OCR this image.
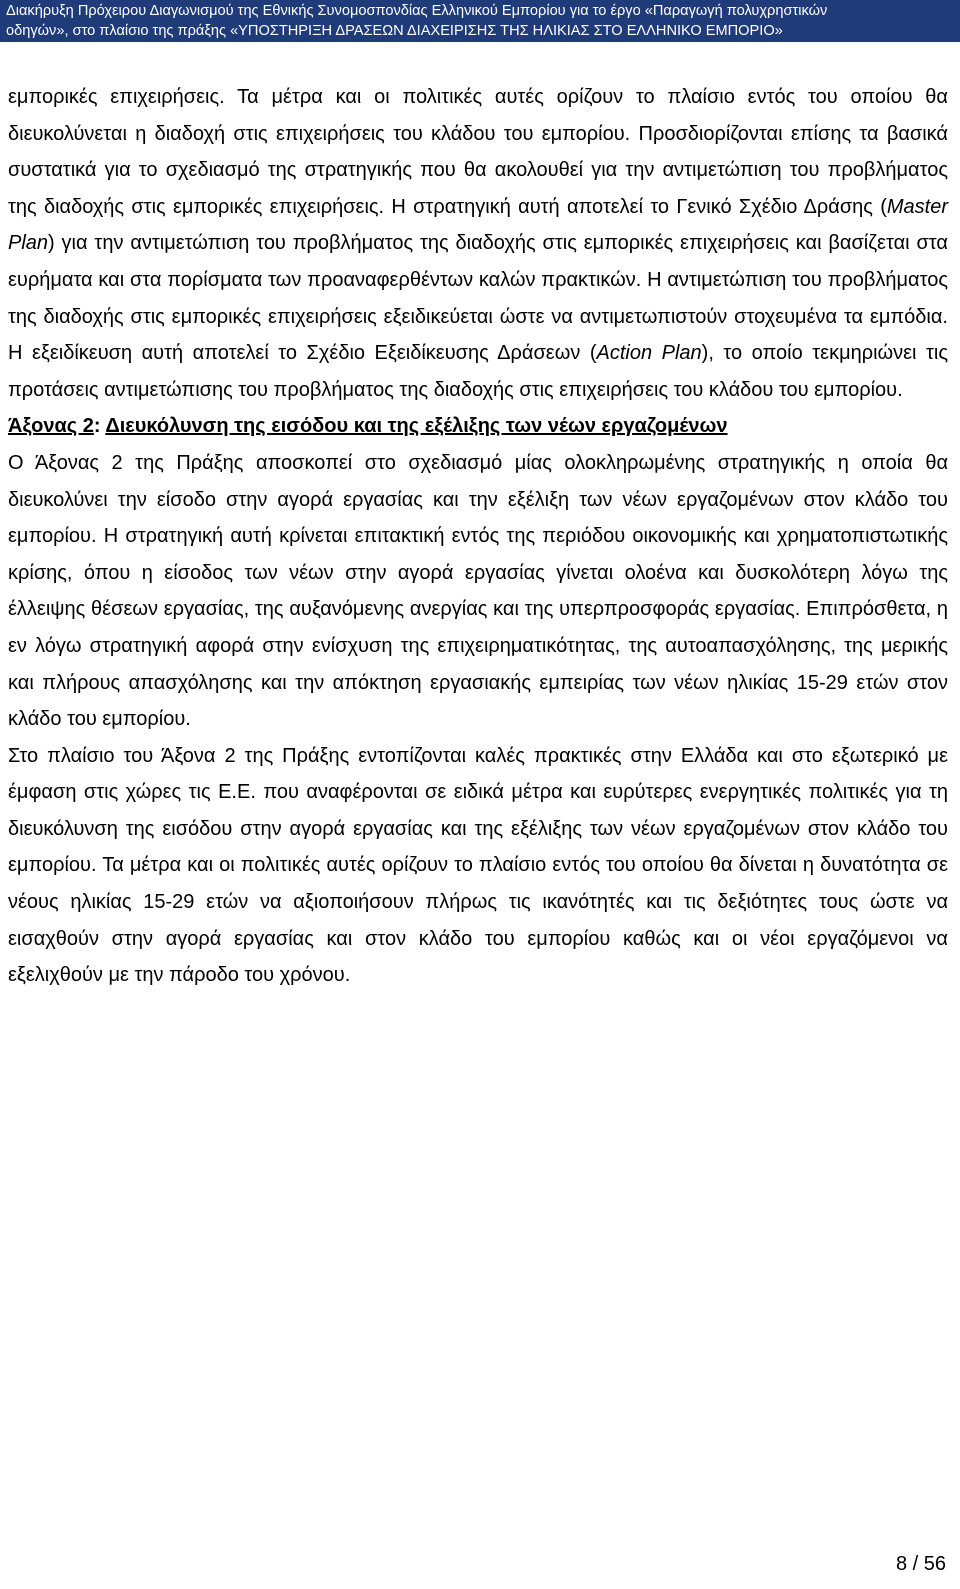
Διακήρυξη Πρόχειρου Διαγωνισμού της Εθνικής Συνομοσπονδίας Ελληνικού Εμπορίου για το έργο «Παραγωγή πολυχρηστικών
οδηγών», στο πλαίσιο της πράξης «ΥΠΟΣΤΗΡΙΞΗ ΔΡΑΣΕΩΝ ΔΙΑΧΕΙΡΙΣΗΣ ΤΗΣ ΗΛΙΚΙΑΣ ΣΤΟ ΕΛΛΗΝΙΚΟ ΕΜΠΟΡΙΟ»

εμπορικές επιχειρήσεις. Τα μέτρα και οι πολιτικές αυτές ορίζουν το πλαίσιο εντός του οποίου θα διευκολύνεται η διαδοχή στις επιχειρήσεις του κλάδου του εμπορίου. Προσδιορίζονται επίσης τα βασικά συστατικά για το σχεδιασμό της στρατηγικής που θα ακολουθεί για την αντιμετώπιση του προβλήματος της διαδοχής στις εμπορικές επιχειρήσεις. Η στρατηγική αυτή αποτελεί το Γενικό Σχέδιο Δράσης (Master Plan) για την αντιμετώπιση του προβλήματος της διαδοχής στις εμπορικές επιχειρήσεις και βασίζεται στα ευρήματα και στα πορίσματα των προαναφερθέντων καλών πρακτικών. Η αντιμετώπιση του προβλήματος της διαδοχής στις εμπορικές επιχειρήσεις εξειδικεύεται ώστε να αντιμετωπιστούν στοχευμένα τα εμπόδια. Η εξειδίκευση αυτή αποτελεί το Σχέδιο Εξειδίκευσης Δράσεων (Action Plan), το οποίο τεκμηριώνει τις προτάσεις αντιμετώπισης του προβλήματος της διαδοχής στις επιχειρήσεις του κλάδου του εμπορίου.

Άξονας 2: Διευκόλυνση της εισόδου και της εξέλιξης των νέων εργαζομένων

Ο Άξονας 2 της Πράξης αποσκοπεί στο σχεδιασμό μίας ολοκληρωμένης στρατηγικής η οποία θα διευκολύνει την είσοδο στην αγορά εργασίας και την εξέλιξη των νέων εργαζομένων στον κλάδο του εμπορίου. Η στρατηγική αυτή κρίνεται επιτακτική εντός της περιόδου οικονομικής και χρηματοπιστωτικής κρίσης, όπου η είσοδος των νέων στην αγορά εργασίας γίνεται ολοένα και δυσκολότερη λόγω της έλλειψης θέσεων εργασίας, της αυξανόμενης ανεργίας και της υπερπροσφοράς εργασίας. Επιπρόσθετα, η εν λόγω στρατηγική αφορά στην ενίσχυση της επιχειρηματικότητας, της αυτοαπασχόλησης, της μερικής και πλήρους απασχόλησης και την απόκτηση εργασιακής εμπειρίας των νέων ηλικίας 15-29 ετών στον κλάδο του εμπορίου.

Στο πλαίσιο του Άξονα 2 της Πράξης εντοπίζονται καλές πρακτικές στην Ελλάδα και στο εξωτερικό με έμφαση στις χώρες τις Ε.Ε. που αναφέρονται σε ειδικά μέτρα και ευρύτερες ενεργητικές πολιτικές για τη διευκόλυνση της εισόδου στην αγορά εργασίας και της εξέλιξης των νέων εργαζομένων στον κλάδο του εμπορίου. Τα μέτρα και οι πολιτικές αυτές ορίζουν το πλαίσιο εντός του οποίου θα δίνεται η δυνατότητα σε νέους ηλικίας 15-29 ετών να αξιοποιήσουν πλήρως τις ικανότητές και τις δεξιότητες τους ώστε να εισαχθούν στην αγορά εργασίας και στον κλάδο του εμπορίου καθώς και οι νέοι εργαζόμενοι να εξελιχθούν με την πάροδο του χρόνου.

8 / 56
